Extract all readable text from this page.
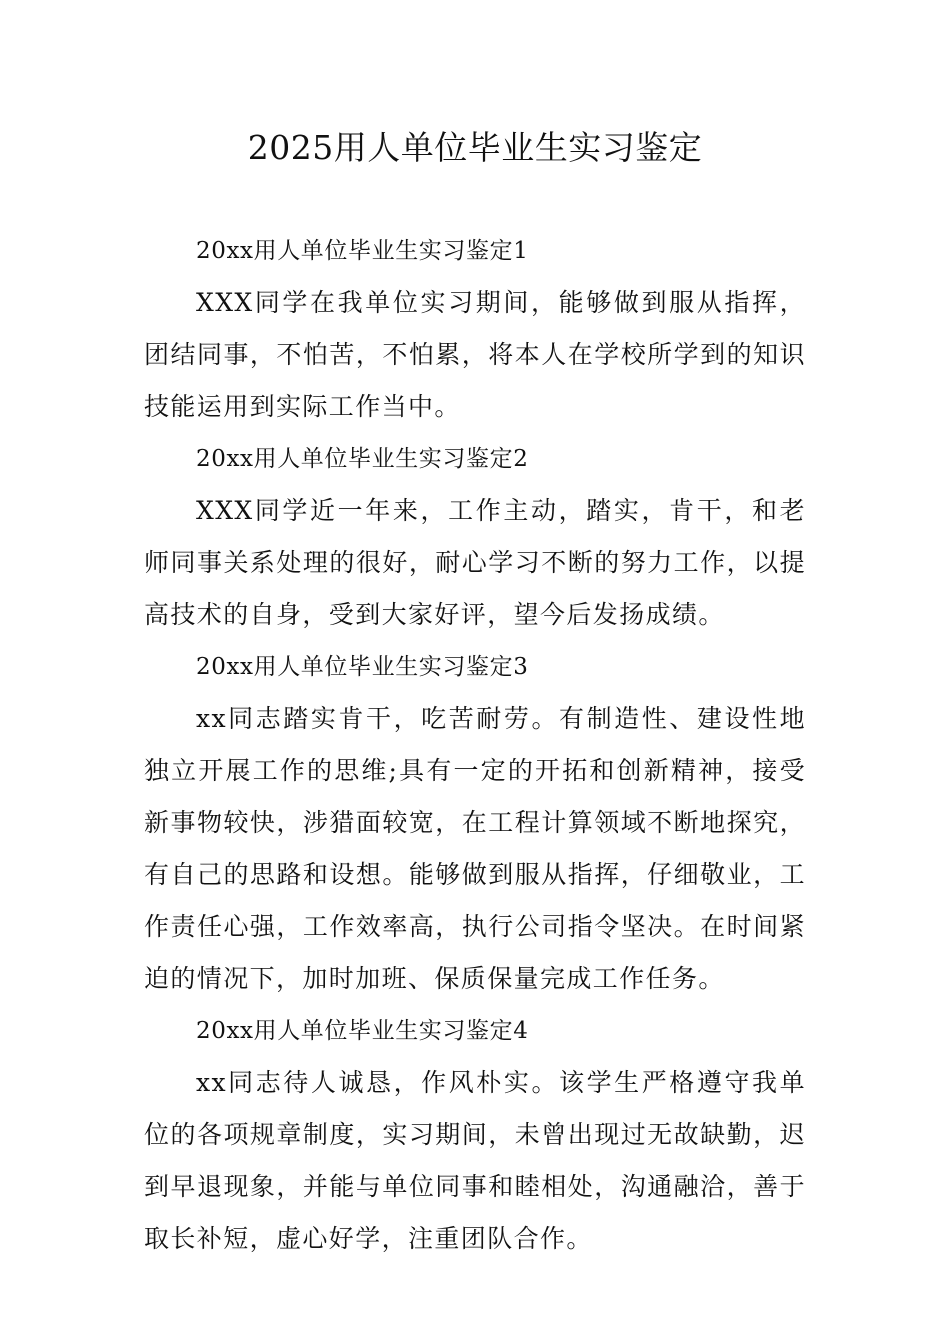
2025用人单位毕业生实习鉴定

20xx用人单位毕业生实习鉴定1

XXX同学在我单位实习期间，能够做到服从指挥，团结同事，不怕苦，不怕累，将本人在学校所学到的知识技能运用到实际工作当中。

20xx用人单位毕业生实习鉴定2

XXX同学近一年来，工作主动，踏实，肯干，和老师同事关系处理的很好，耐心学习不断的努力工作，以提高技术的自身，受到大家好评，望今后发扬成绩。

20xx用人单位毕业生实习鉴定3

xx同志踏实肯干，吃苦耐劳。有制造性、建设性地独立开展工作的思维;具有一定的开拓和创新精神，接受新事物较快，涉猎面较宽，在工程计算领域不断地探究，有自己的思路和设想。能够做到服从指挥，仔细敬业，工作责任心强，工作效率高，执行公司指令坚决。在时间紧迫的情况下，加时加班、保质保量完成工作任务。

20xx用人单位毕业生实习鉴定4

xx同志待人诚恳，作风朴实。该学生严格遵守我单位的各项规章制度，实习期间，未曾出现过无故缺勤，迟到早退现象，并能与单位同事和睦相处，沟通融洽，善于取长补短，虚心好学，注重团队合作。
